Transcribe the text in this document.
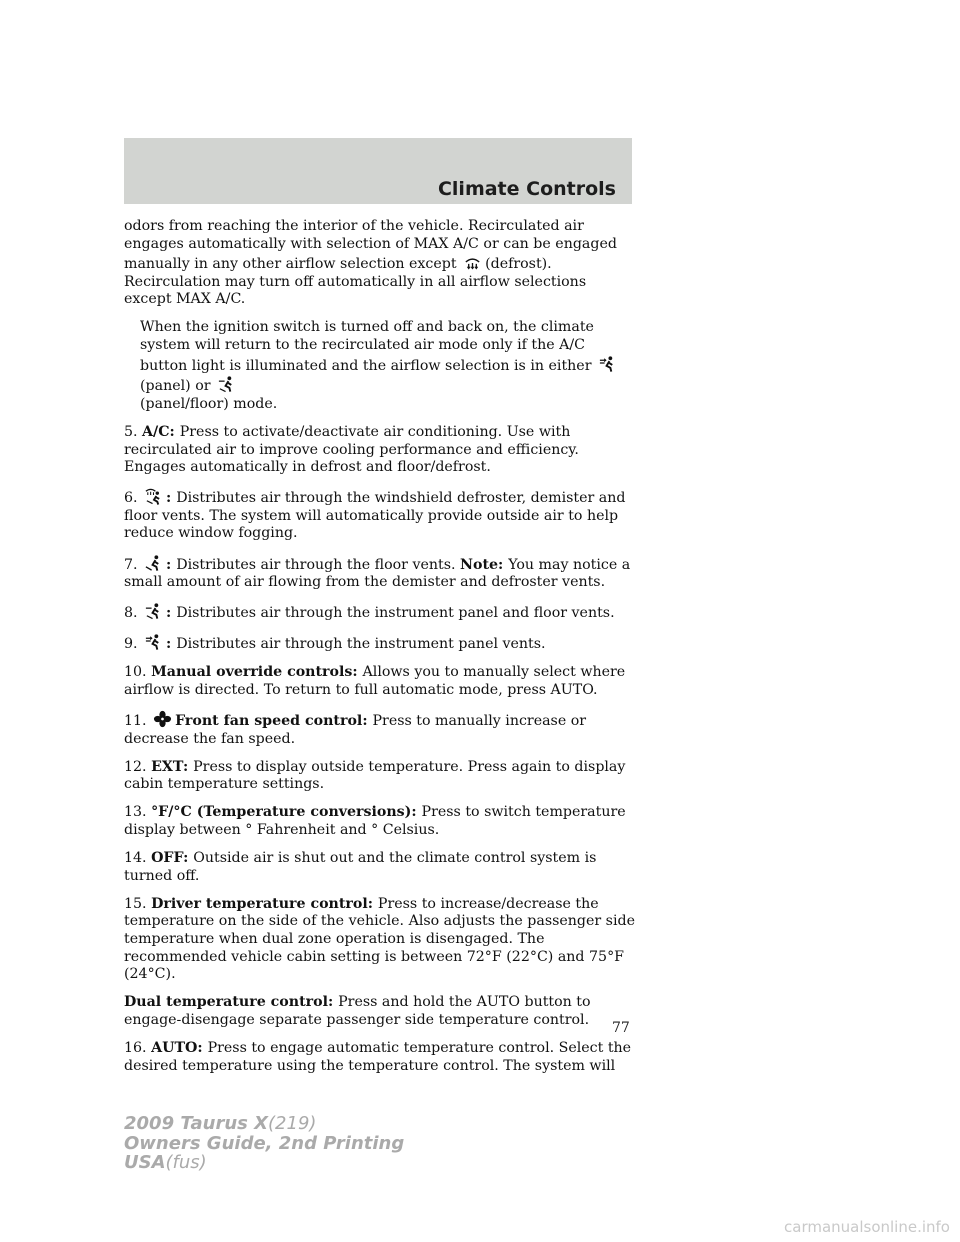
Climate Controls

odors from reaching the interior of the vehicle. Recirculated air engages automatically with selection of MAX A/C or can be engaged manually in any other airflow selection except
(defrost). Recirculation may turn off automatically in all airflow selections except MAX A/C.

When the ignition switch is turned off and back on, the climate system will return to the recirculated air mode only if the A/C button light is illuminated and the airflow selection is in either
(panel) or

(panel/floor) mode.

5. A/C: Press to activate/deactivate air conditioning. Use with recirculated air to improve cooling performance and efficiency. Engages automatically in defrost and floor/defrost.

6.
: Distributes air through the windshield defroster, demister and floor vents. The system will automatically provide outside air to help reduce window fogging.

7.
: Distributes air through the floor vents. Note: You may notice a small amount of air flowing from the demister and defroster vents.

8.
: Distributes air through the instrument panel and floor vents.

9.
: Distributes air through the instrument panel vents.

10. Manual override controls: Allows you to manually select where airflow is directed. To return to full automatic mode, press AUTO.

11.
Front fan speed control: Press to manually increase or decrease the fan speed.

12. EXT: Press to display outside temperature. Press again to display cabin temperature settings.

13. °F/°C (Temperature conversions): Press to switch temperature display between ° Fahrenheit and ° Celsius.

14. OFF: Outside air is shut out and the climate control system is turned off.

15. Driver temperature control: Press to increase/decrease the temperature on the side of the vehicle. Also adjusts the passenger side temperature when dual zone operation is disengaged. The recommended vehicle cabin setting is between 72°F (22°C) and 75°F (24°C).

Dual temperature control: Press and hold the AUTO button to engage-disengage separate passenger side temperature control.

16. AUTO: Press to engage automatic temperature control. Select the desired temperature using the temperature control. The system will

77
2009 Taurus X(219)
Owners Guide, 2nd Printing
USA(fus)
carmanualsonline.info
